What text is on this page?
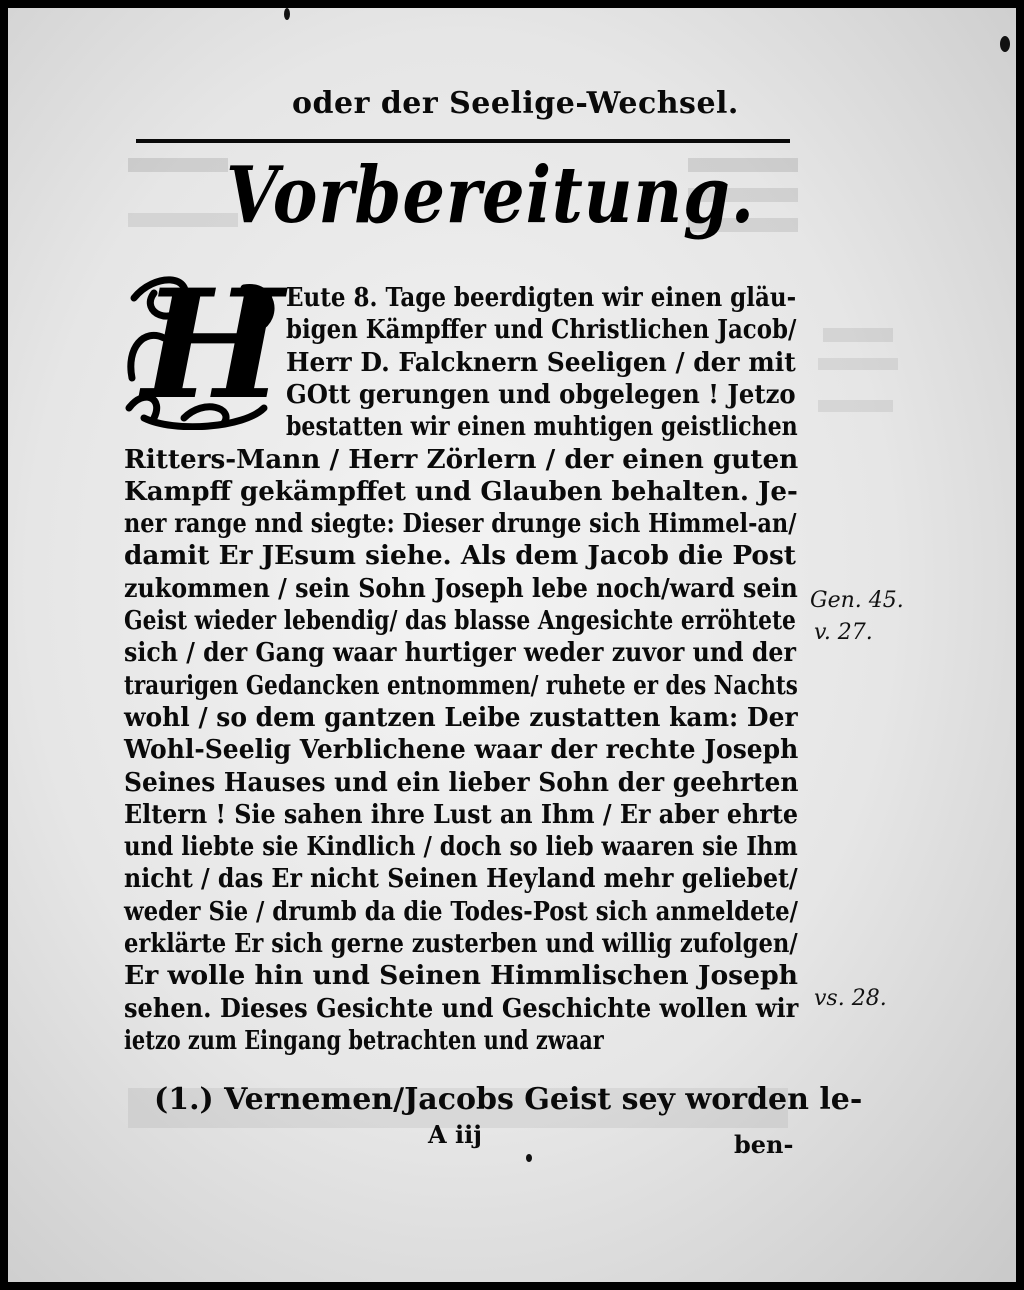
oder der Seelige-Wechsel.
Vorbereitung.
H Eute 8. Tage beerdigten wir einen gläu-
bigen Kämpffer und Christlichen Jacob/
Herr D. Falcknern Seeligen / der mit
GOtt gerungen und obgelegen ! Jetzo
bestatten wir einen muhtigen geistlichen
Ritters-Mann / Herr Zörlern / der einen guten
Kampff gekämpffet und Glauben behalten. Je-
ner range nnd siegte: Dieser drunge sich Himmel-an/
damit Er JEsum siehe. Als dem Jacob die Post
zukommen / sein Sohn Joseph lebe noch/ward sein
Geist wieder lebendig/ das blasse Angesichte erröhtete
sich / der Gang waar hurtiger weder zuvor und der
traurigen Gedancken entnommen/ ruhete er des Nachts
wohl / so dem gantzen Leibe zustatten kam: Der
Wohl-Seelig Verblichene waar der rechte Joseph
Seines Hauses und ein lieber Sohn der geehrten
Eltern ! Sie sahen ihre Lust an Ihm / Er aber ehrte
und liebte sie Kindlich / doch so lieb waaren sie Ihm
nicht / das Er nicht Seinen Heyland mehr geliebet/
weder Sie / drumb da die Todes-Post sich anmeldete/
erklärte Er sich gerne zusterben und willig zufolgen/
Er wolle hin und Seinen Himmlischen Joseph
sehen. Dieses Gesichte und Geschichte wollen wir
ietzo zum Eingang betrachten und zwaar
Gen. 45.
v. 27.
vs. 28.
(1.) Vernemen/Jacobs Geist sey worden le-
A iij	ben-
